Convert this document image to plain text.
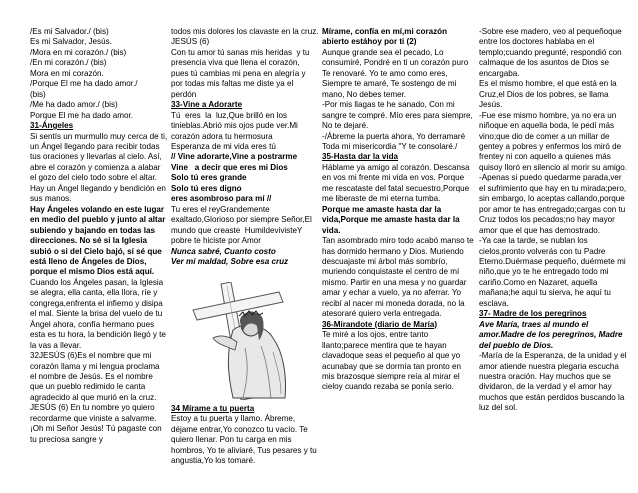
/Es mi Salvador./ (bis)

Es mi Salvador, Jesús.

/Mora en mi corazón./ (bis)

/En mi corazón./ (bis)

Mora en mi corazón.

/Porque El me ha dado amor./

(bis)

/Me ha dado amor./ (bis)

Porque El me ha dado amor.

31-Ángeles

Si sentís un murmullo muy cerca de ti, un Ángel llegando para recibir todas tus oraciones y llevarlas al cielo. Así, abre el corazón y comienza a alabar el gozo del cielo todo sobre el altar. Hay un Ángel llegando y bendición en sus manos.

Hay Ángeles volando en este lugar en medio del pueblo y junto al altar subiendo y bajando en todas las direcciones. No sé si la Iglesia subió o si del Cielo bajó, sí sé que está lleno de Ángeles de Dios, porque el mismo Dios está aquí.

Cuando los Ángeles pasan, la Iglesia se alegra, ella canta, ella llora, ríe y congrega,enfrenta el infierno y disipa el mal. Siente la brisa del vuelo de tu Ángel ahora, confía hermano pues esta es tu hora, la bendición llegó y te la vas a llevar.

32JESÚS (6)Es el nombre que mi corazón llama y mi lengua proclama el nombre de Jesús. Es el nombre que un pueblo redimido le canta agradecido al que murió en la cruz. JESÚS (6) En tu nombre yo quiero recordarme que viniste a salvarme.¡Oh mi Señor Jesús! Tú pagaste con tu preciosa sangre y

todos mis dolores los clavaste en la cruz.  JESÚS (6)

Con tu amor tú sanas mis heridas  y tu presencia viva que llena el corazón,  pues tú cambias mi pena en alegría y por todas mis faltas me diste ya el perdón

33-Vine a Adorarte

Tú  eres  la  luz,Que brilló en los tinieblas.Abrió mis ojos pude ver.Mi corazón adora tu hermosura

Esperanza de mi vida eres tú

// Vine adorarte,Vine a postrarme

Vine   a decir que eres mi Dios

Solo tú eres grande

Solo tú eres digno

eres asombroso para mí //

Tu eres el reyGrandemente exaltado,Glorioso por siempre Señor,El mundo que creaste  HumildevivisteY pobre te hiciste por Amor

Nunca sabré, Cuanto costo

Ver mi maldad, Sobre esa cruz

34 Mírame a tu puerta

Estoy a tu puerta y llamo. Ábreme, déjame entrar,Yo conozco tu vacío. Te quiero llenar. Pon tu carga en mis hombros, Yo te aliviaré, Tus pesares y tu angustia,Yo los tomaré.

Mírame, confía en mí,mi corazón abierto estáhoy por ti (2)

Aunque grande sea el pecado, Lo consumiré, Pondré en ti un corazón puro Te renovaré. Yo te amo como eres, Siempre te amaré, Te sostengo de mi mano, No debes temer.

-Por mis llagas te he sanado, Con mi sangre te compré. Mío eres para siempre, No te dejaré.

-/Ábreme la puerta ahora, Yo derramaré Toda mi misericordia "Y te consolaré./

35-Hasta dar la vida

Háblame ya amigo al corazón. Descansa en vos mi frente mi vida en vos. Porque me rescataste del fatal secuestro,Porque me liberaste de mi eterna tumba.

Porque me amaste hasta dar la vida,Porque me amaste hasta dar la vida.

Tan asombrado miro todo acabó manso te has dormido hermano y Dios. Muriendo descuajaste mi árbol más sombrío, muriendo conquistaste el centro de mí mismo. Partir en una mesa y no guardar amar y echar a vuelo, ya no aferrar. Yo recibí al nacer mi moneda dorada, no la atesoraré quiero verla entregada.

36-Mirandote (diario de María)

Te miré a los ojos, entre tanto llanto;parece mentira que te hayan clavadoque seas el pequeño al que yo acunabay que se dormía tan pronto en mis brazosque siempre reía al mirar el cieloy cuando rezaba se ponía serio.

-Sobre ese madero, veo al pequeñoque entre los doctores hablaba en el templo;cuando pregunté, respondió con calmaque de los asuntos de Dios se encargaba.

Es el mismo hombre, el que está en la Cruz,el Dios de los pobres, se llama Jesús.

-Fue ese mismo hombre, ya no era un niñoque en aquella boda, le pedí más vino;que dio de comer a un millar de gentey a pobres y enfermos los miró de frentey ni con aquello a quienes más quisoy lloró en silencio al morir su amigo.

-Apenas si puedo quedarme parada,ver el sufrimiento que hay en tu mirada;pero, sin embargo, lo aceptas callando,porque por amor te has entregado;cargas con tu Cruz todos los pecados;no hay mayor amor que el que has demostrado.

-Ya cae la tarde, se nublan los cielos,pronto volverás con tu Padre Eterno.Duérmase pequeño, duérmete mi niño,que yo te he entregado todo mi cariño.Como en Nazaret, aquella mañana;he aquí tu sierva, he aquí tu esclava.

37- Madre de los peregrinos

Ave María, traes al mundo el amor.Madre de los peregrinos, Madre del pueblo de Dios.

-María de la Esperanza, de la unidad y el amor atiende nuestra plegaria escucha nuestra oración. Hay muchos que se dividaron, de la verdad y el amor hay muchos que están perdidos buscando la luz del sol.
